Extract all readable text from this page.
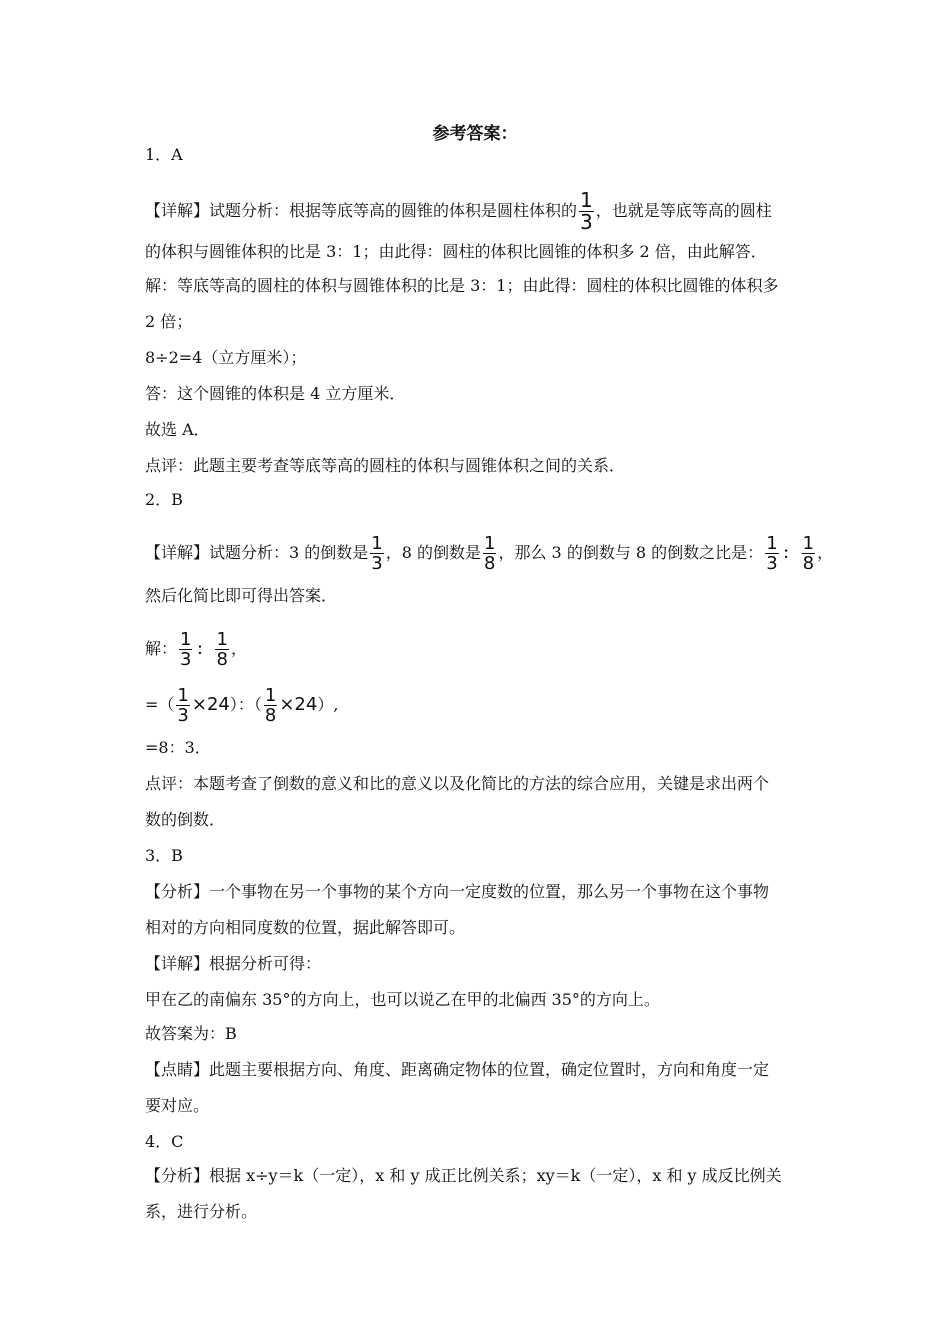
参考答案：
1．A
【详解】试题分析：根据等底等高的圆锥的体积是圆柱体积的 $\frac{1}{3}$ ，也就是等底等高的圆柱
的体积与圆锥体积的比是 3：1；由此得：圆柱的体积比圆锥的体积多 2 倍，由此解答．
解：等底等高的圆柱的体积与圆锥体积的比是 3：1；由此得：圆柱的体积比圆锥的体积多
2 倍；
8÷2=4（立方厘米）；
答：这个圆锥的体积是 4 立方厘米．
故选 A．
点评：此题主要考查等底等高的圆柱的体积与圆锥体积之间的关系．
2．B
【详解】试题分析：3 的倒数是 $\frac{1}{3}$ ，8 的倒数是 $\frac{1}{8}$ ，那么 3 的倒数与 8 的倒数之比是： $\frac{1}{3}$ ： $\frac{1}{8}$ ，
然后化简比即可得出答案．
解： $\frac{1}{3}$ ： $\frac{1}{8}$ ，
=（ $\frac{1}{3} \times 24$）：（ $\frac{1}{8} \times 24$）,
=8：3．
点评：本题考查了倒数的意义和比的意义以及化简比的方法的综合应用，关键是求出两个
数的倒数．
3．B
【分析】一个事物在另一个事物的某个方向一定度数的位置，那么另一个事物在这个事物
相对的方向相同度数的位置，据此解答即可。
【详解】根据分析可得：
甲在乙的南偏东 35°的方向上，也可以说乙在甲的北偏西 35°的方向上。
故答案为：B
【点睛】此题主要根据方向、角度、距离确定物体的位置，确定位置时，方向和角度一定
要对应。
4．C
【分析】根据 x÷y＝k（一定），x 和 y 成正比例关系；xy＝k（一定），x 和 y 成反比例关
系，进行分析。
